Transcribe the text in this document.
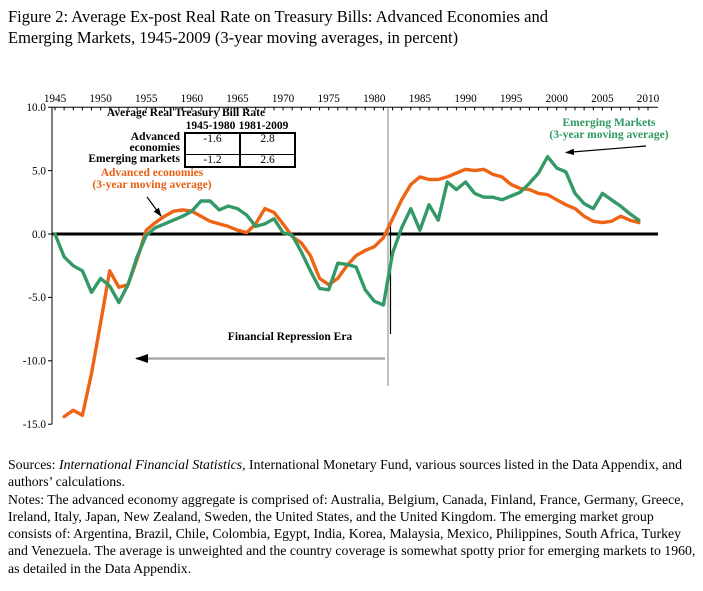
Figure 2: Average Ex-post Real Rate on Treasury Bills: Advanced Economies and
Emerging Markets, 1945-2009 (3-year moving averages, in percent)
1945 1950 1955 1960 1965 1970 1975 1980 1985 1990 1995 2000 2005 2010
10.0
5.0
0.0
-5.0
-10.0
-15.0
Average Real Treasury Bill Rate
1945-1980 1981-2009
Advanced economies
-1.6	2.8
Emerging markets	-1.2	2.6
Advanced economies
(3-year moving average)
Emerging Markets
(3-year moving average)
Financial Repression Era

Sources: International Financial Statistics, International Monetary Fund, various sources listed in the Data Appendix, and authors’ calculations.

Notes: The advanced economy aggregate is comprised of: Australia, Belgium, Canada, Finland, France, Germany, Greece, Ireland, Italy, Japan, New Zealand, Sweden, the United States, and the United Kingdom. The emerging market group consists of: Argentina, Brazil, Chile, Colombia, Egypt, India, Korea, Malaysia, Mexico, Philippines, South Africa, Turkey and Venezuela. The average is unweighted and the country coverage is somewhat spotty prior for emerging markets to 1960, as detailed in the Data Appendix.
